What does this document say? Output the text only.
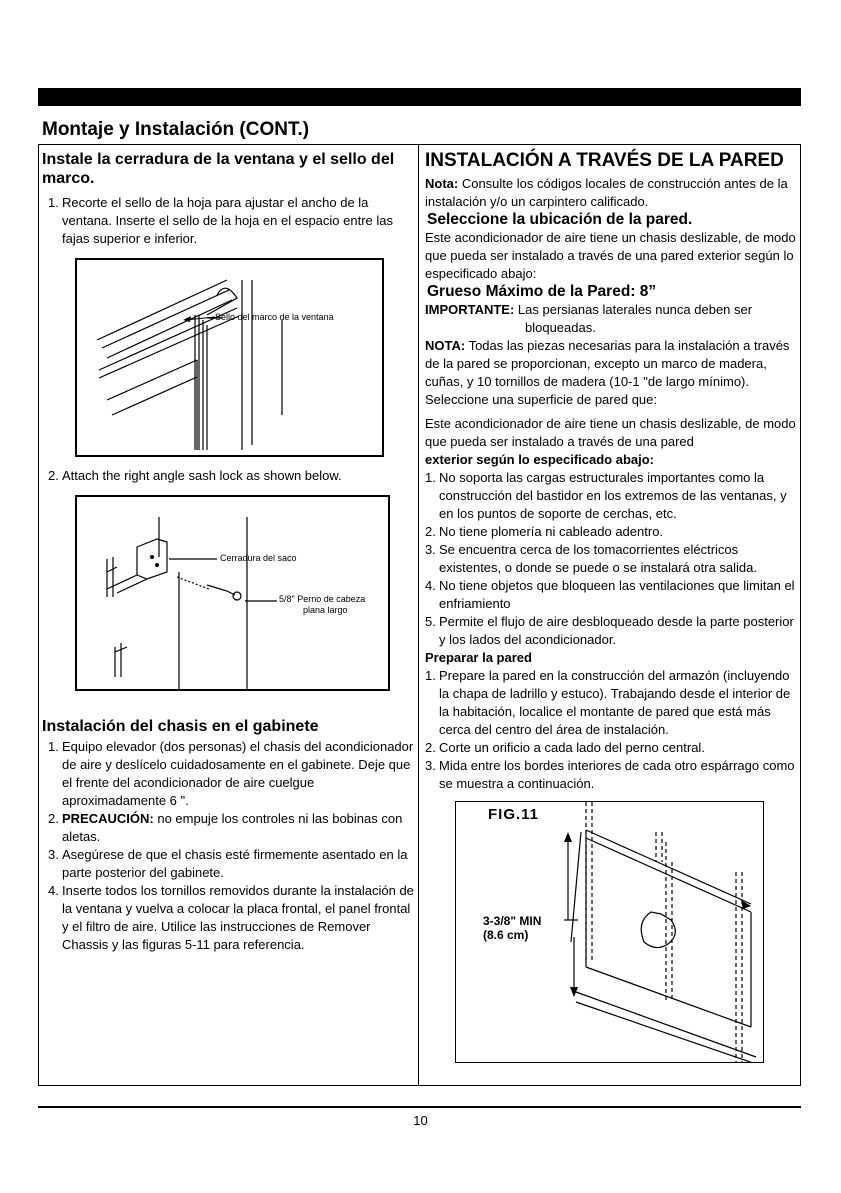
Montaje y Instalación (CONT.)
Instale la cerradura de la ventana y el sello del marco.
1. Recorte el sello de la hoja para ajustar el ancho de la ventana. Inserte el sello de la hoja en el espacio entre las fajas superior e inferior.
Sello del marco de la ventana
2. Attach the right angle sash lock as shown below.
Cerradura del saco
5/8" Perno de cabeza
plana largo
Instalación del chasis en el gabinete
1. Equipo elevador (dos personas) el chasis del acondicionador de aire y deslícelo cuidadosamente en el gabinete. Deje que el frente del acondicionador de aire cuelgue aproximadamente 6 ".
2. PRECAUCIÓN: no empuje los controles ni las bobinas con aletas.
3. Asegúrese de que el chasis esté firmemente asentado en la parte posterior del gabinete.
4. Inserte todos los tornillos removidos durante la instalación de la ventana y vuelva a colocar la placa frontal, el panel frontal y el filtro de aire. Utilice las instrucciones de Remover Chassis y las figuras 5-11 para referencia.
INSTALACIÓN A TRAVÉS DE LA PARED

Nota: Consulte los códigos locales de construcción antes de la instalación y/o un carpintero calificado.

Seleccione la ubicación de la pared.

Este acondicionador de aire tiene un chasis deslizable, de modo que pueda ser instalado a través de una pared exterior según lo especificado abajo:

Grueso Máximo de la Pared: 8”

IMPORTANTE: Las persianas laterales nunca deben ser

bloqueadas.

NOTA: Todas las piezas necesarias para la instalación a través de la pared se proporcionan, excepto un marco de madera, cuñas, y 10 tornillos de madera (10-1 "de largo mínimo). Seleccione una superficie de pared que:

Este acondicionador de aire tiene un chasis deslizable, de modo que pueda ser instalado a través de una pared
exterior según lo especificado abajo:

1. No soporta las cargas estructurales importantes como la construcción del bastidor en los extremos de las ventanas, y en los puntos de soporte de cerchas, etc.
2. No tiene plomería ni cableado adentro.
3. Se encuentra cerca de los tomacorrientes eléctricos existentes, o donde se puede o se instalará otra salida.
4. No tiene objetos que bloqueen las ventilaciones que limitan el enfriamiento
5. Permite el flujo de aire desbloqueado desde la parte posterior y los lados del acondicionador.

Preparar la pared

1. Prepare la pared en la construcción del armazón (incluyendo la chapa de ladrillo y estuco). Trabajando desde el interior de la habitación, localice el montante de pared que está más cerca del centro del área de instalación.
2. Corte un orificio a cada lado del perno central.
3. Mida entre los bordes interiores de cada otro espárrago como se muestra a continuación.
FIG.11
3-3/8" MIN
(8.6 cm)
10
